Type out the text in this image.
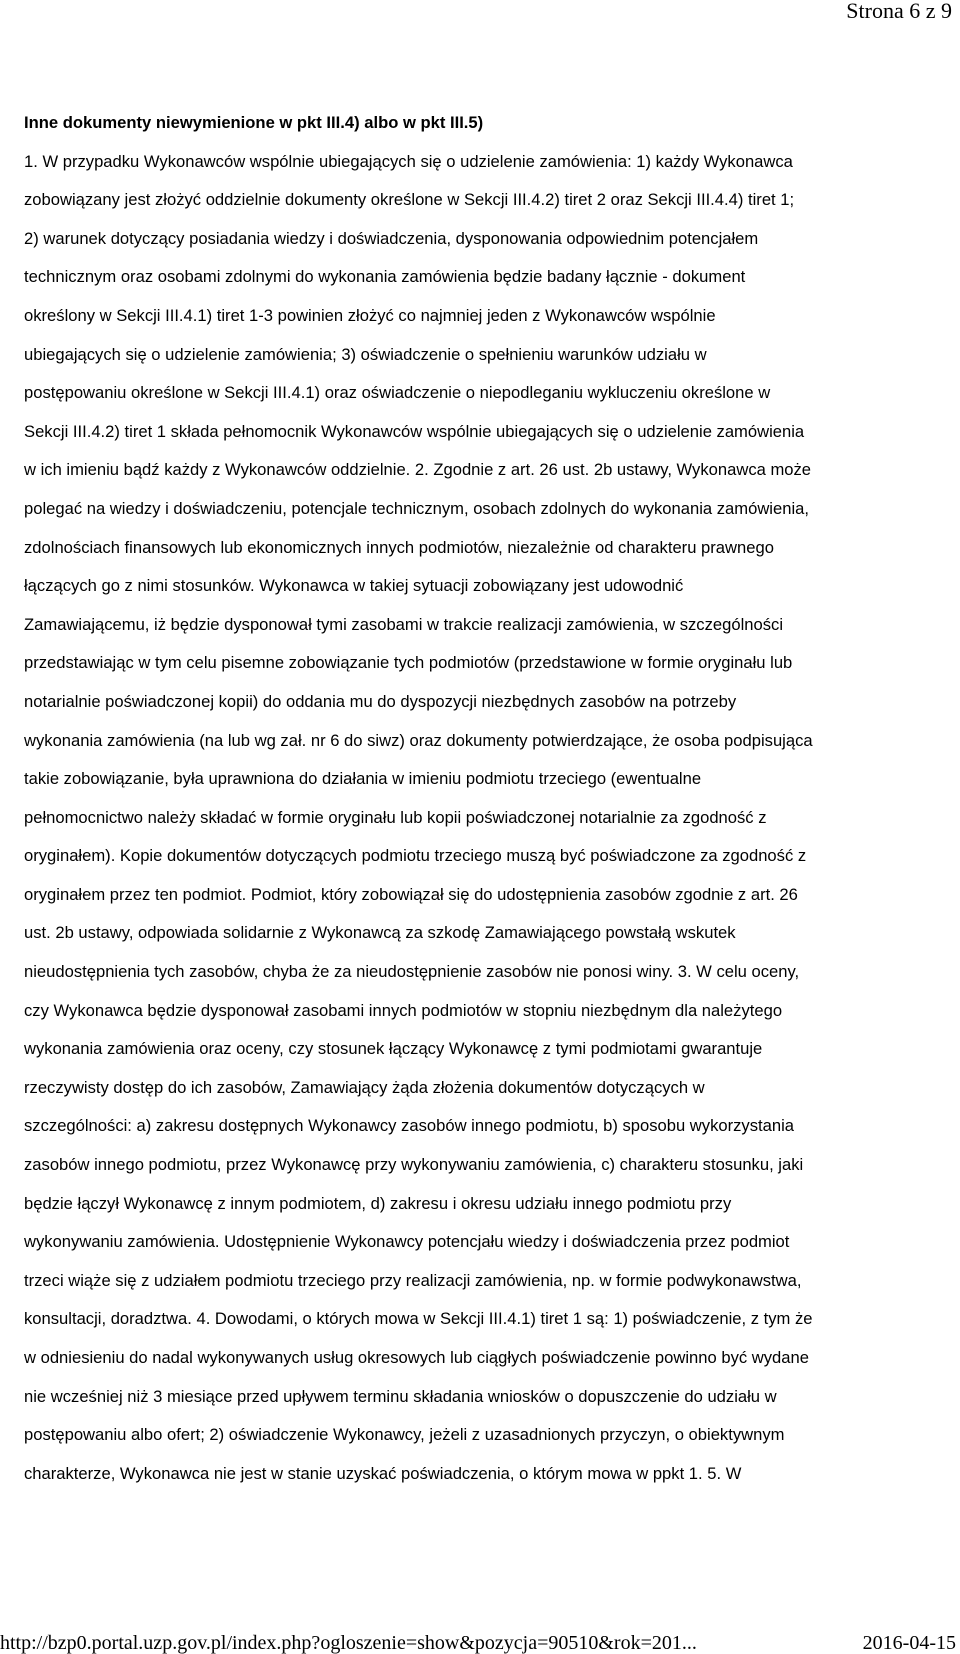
Strona 6 z 9
Inne dokumenty niewymienione w pkt III.4) albo w pkt III.5)
1. W przypadku Wykonawców wspólnie ubiegających się o udzielenie zamówienia: 1) każdy Wykonawca
zobowiązany jest złożyć oddzielnie dokumenty określone w Sekcji III.4.2) tiret 2 oraz Sekcji III.4.4) tiret 1;
2) warunek dotyczący posiadania wiedzy i doświadczenia, dysponowania odpowiednim potencjałem
technicznym oraz osobami zdolnymi do wykonania zamówienia będzie badany łącznie - dokument
określony w Sekcji III.4.1) tiret 1-3 powinien złożyć co najmniej jeden z Wykonawców wspólnie
ubiegających się o udzielenie zamówienia; 3) oświadczenie o spełnieniu warunków udziału w
postępowaniu określone w Sekcji III.4.1) oraz oświadczenie o niepodleganiu wykluczeniu określone w
Sekcji III.4.2) tiret 1 składa pełnomocnik Wykonawców wspólnie ubiegających się o udzielenie zamówienia
w ich imieniu bądź każdy z Wykonawców oddzielnie. 2. Zgodnie z art. 26 ust. 2b ustawy, Wykonawca może
polegać na wiedzy i doświadczeniu, potencjale technicznym, osobach zdolnych do wykonania zamówienia,
zdolnościach finansowych lub ekonomicznych innych podmiotów, niezależnie od charakteru prawnego
łączących go z nimi stosunków. Wykonawca w takiej sytuacji zobowiązany jest udowodnić
Zamawiającemu, iż będzie dysponował tymi zasobami w trakcie realizacji zamówienia, w szczególności
przedstawiając w tym celu pisemne zobowiązanie tych podmiotów (przedstawione w formie oryginału lub
notarialnie poświadczonej kopii) do oddania mu do dyspozycji niezbędnych zasobów na potrzeby
wykonania zamówienia (na lub wg zał. nr 6 do siwz) oraz dokumenty potwierdzające, że osoba podpisująca
takie zobowiązanie, była uprawniona do działania w imieniu podmiotu trzeciego (ewentualne
pełnomocnictwo należy składać w formie oryginału lub kopii poświadczonej notarialnie za zgodność z
oryginałem). Kopie dokumentów dotyczących podmiotu trzeciego muszą być poświadczone za zgodność z
oryginałem przez ten podmiot. Podmiot, który zobowiązał się do udostępnienia zasobów zgodnie z art. 26
ust. 2b ustawy, odpowiada solidarnie z Wykonawcą za szkodę Zamawiającego powstałą wskutek
nieudostępnienia tych zasobów, chyba że za nieudostępnienie zasobów nie ponosi winy. 3. W celu oceny,
czy Wykonawca będzie dysponował zasobami innych podmiotów w stopniu niezbędnym dla należytego
wykonania zamówienia oraz oceny, czy stosunek łączący Wykonawcę z tymi podmiotami gwarantuje
rzeczywisty dostęp do ich zasobów, Zamawiający żąda złożenia dokumentów dotyczących w
szczególności: a) zakresu dostępnych Wykonawcy zasobów innego podmiotu, b) sposobu wykorzystania
zasobów innego podmiotu, przez Wykonawcę przy wykonywaniu zamówienia, c) charakteru stosunku, jaki
będzie łączył Wykonawcę z innym podmiotem, d) zakresu i okresu udziału innego podmiotu przy
wykonywaniu zamówienia. Udostępnienie Wykonawcy potencjału wiedzy i doświadczenia przez podmiot
trzeci wiąże się z udziałem podmiotu trzeciego przy realizacji zamówienia, np. w formie podwykonawstwa,
konsultacji, doradztwa. 4. Dowodami, o których mowa w Sekcji III.4.1) tiret 1 są: 1) poświadczenie, z tym że
w odniesieniu do nadal wykonywanych usług okresowych lub ciągłych poświadczenie powinno być wydane
nie wcześniej niż 3 miesiące przed upływem terminu składania wniosków o dopuszczenie do udziału w
postępowaniu albo ofert; 2) oświadczenie Wykonawcy, jeżeli z uzasadnionych przyczyn, o obiektywnym
charakterze, Wykonawca nie jest w stanie uzyskać poświadczenia, o którym mowa w ppkt 1. 5. W
http://bzp0.portal.uzp.gov.pl/index.php?ogloszenie=show&pozycja=90510&rok=201...	2016-04-15
